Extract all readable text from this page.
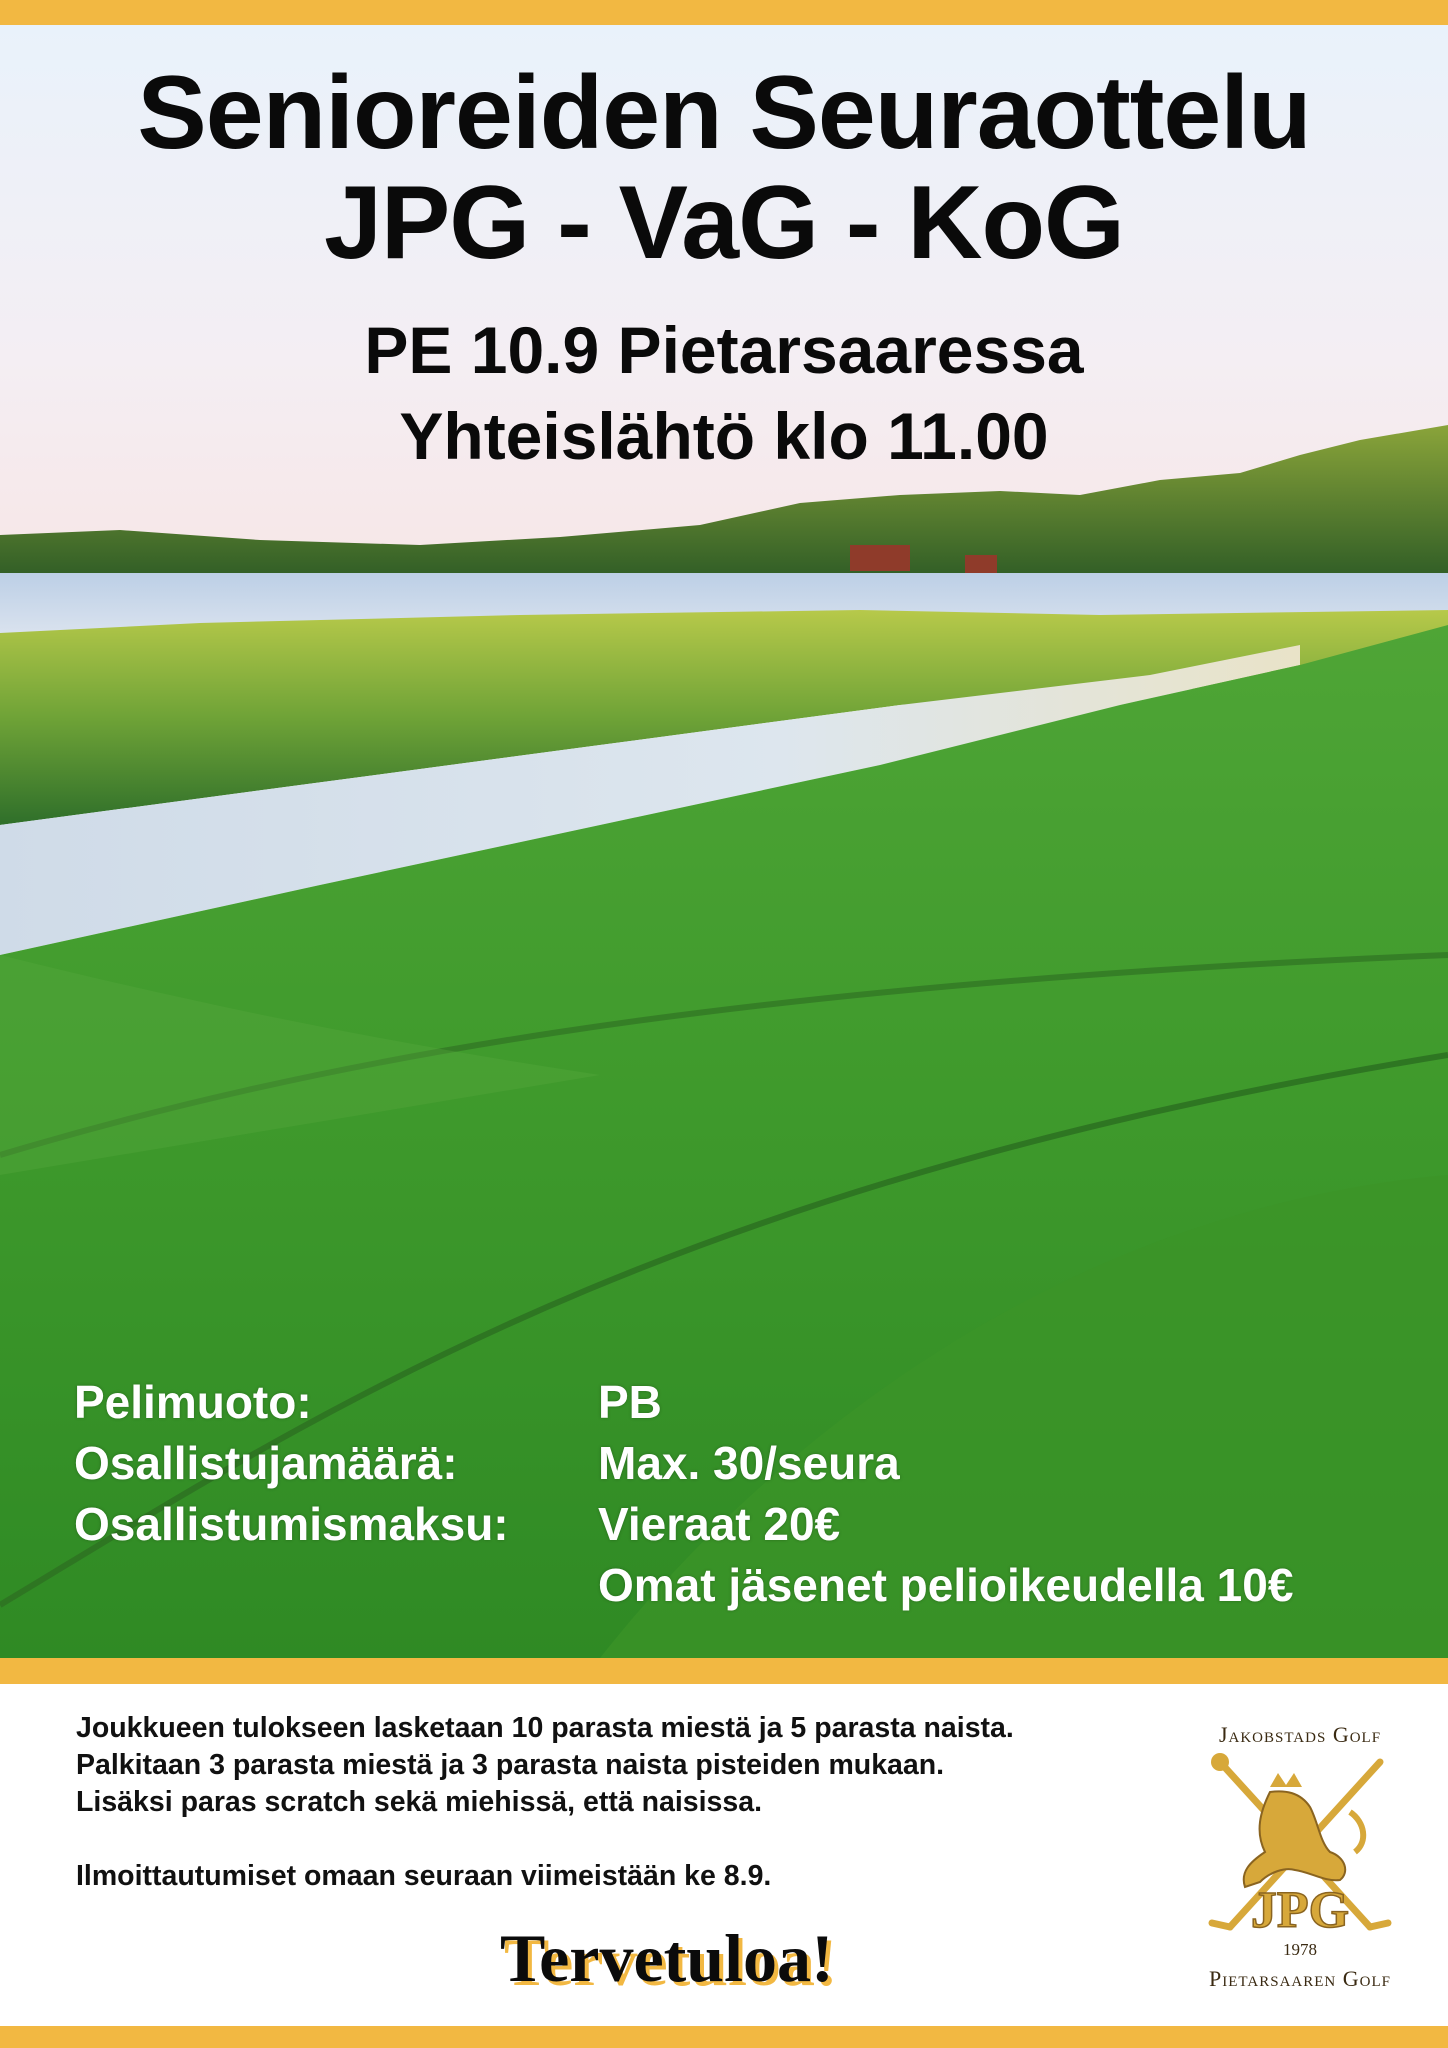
Senioreiden Seuraottelu
JPG - VaG - KoG
PE 10.9 Pietarsaaressa
Yhteislähtö klo 11.00
Pelimuoto:	PB
Osallistujamäärä:	Max. 30/seura
Osallistumismaksu:	Vieraat 20€
Omat jäsenet pelioikeudella 10€

Joukkueen tulokseen lasketaan 10 parasta miestä ja 5 parasta naista.

Palkitaan 3 parasta miestä ja 3 parasta naista pisteiden mukaan.

Lisäksi paras scratch sekä miehissä, että naisissa.

Ilmoittautumiset omaan seuraan viimeistään ke 8.9.

Tervetuloa!
Jakobstads Golf
JPG
1978
Pietarsaaren Golf
